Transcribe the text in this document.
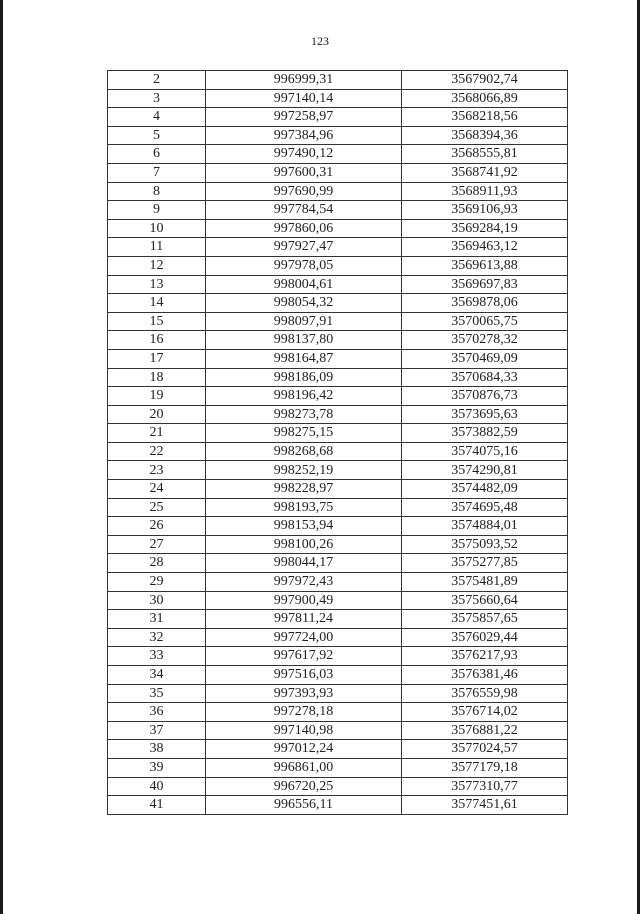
123
2	996999,31	3567902,74
3	997140,14	3568066,89
4	997258,97	3568218,56
5	997384,96	3568394,36
6	997490,12	3568555,81
7	997600,31	3568741,92
8	997690,99	3568911,93
9	997784,54	3569106,93
10	997860,06	3569284,19
11	997927,47	3569463,12
12	997978,05	3569613,88
13	998004,61	3569697,83
14	998054,32	3569878,06
15	998097,91	3570065,75
16	998137,80	3570278,32
17	998164,87	3570469,09
18	998186,09	3570684,33
19	998196,42	3570876,73
20	998273,78	3573695,63
21	998275,15	3573882,59
22	998268,68	3574075,16
23	998252,19	3574290,81
24	998228,97	3574482,09
25	998193,75	3574695,48
26	998153,94	3574884,01
27	998100,26	3575093,52
28	998044,17	3575277,85
29	997972,43	3575481,89
30	997900,49	3575660,64
31	997811,24	3575857,65
32	997724,00	3576029,44
33	997617,92	3576217,93
34	997516,03	3576381,46
35	997393,93	3576559,98
36	997278,18	3576714,02
37	997140,98	3576881,22
38	997012,24	3577024,57
39	996861,00	3577179,18
40	996720,25	3577310,77
41	996556,11	3577451,61
